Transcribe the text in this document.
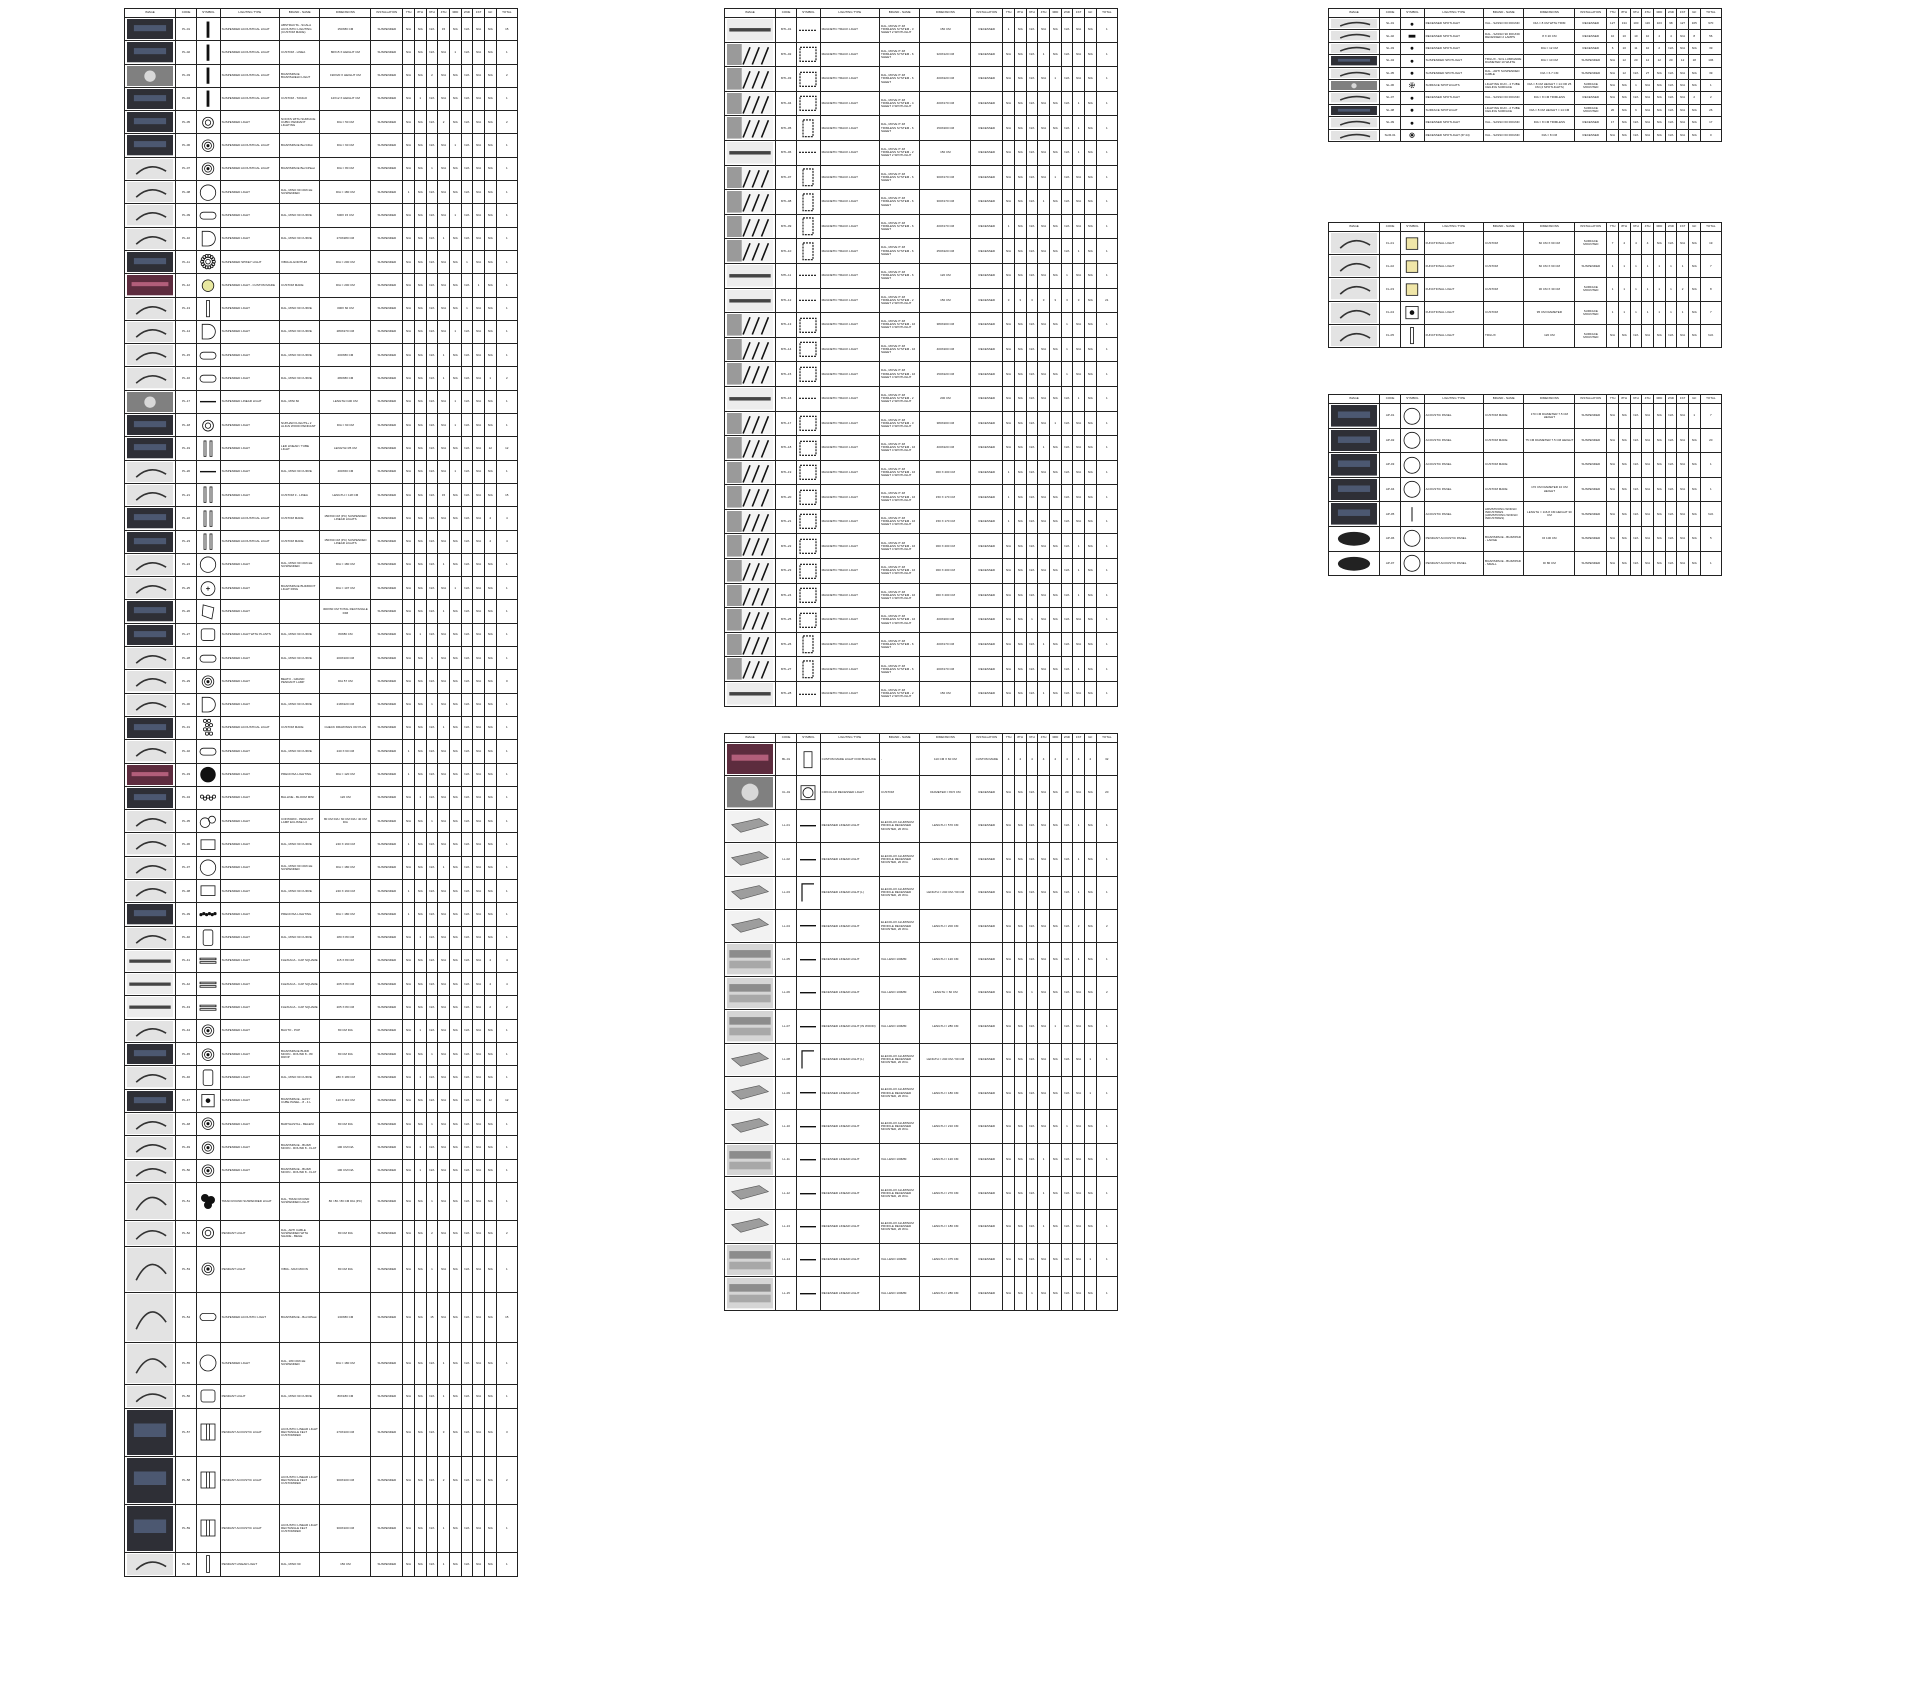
IMAGE	CODE	SYMBOL	LIGHTING TYPE	BRAND - NAME	DIMENSIONS	INSTALLATION	7TH	8TH	9TH	4TH	3RD	2ND	1ST	GF	TOTAL

	PL-01		SUSPENDED ACOUSTICAL LIGHT	ABSTRACTA - SCALA ACOUSTIC LIGHTING (CUSTOM MADE)	150X80 CM	SUSPENDED	N/A	N/A	N/A	15	N/A	N/A	N/A	N/A	15

	PL-02		SUSPENDED ACOUSTICAL LIGHT	CUSTOM - LINEA	80X15 X HEIGHT CM	SUSPENDED	N/A	N/A	N/A	N/A	1	N/A	N/A	N/A	1

	PL-03		SUSPENDED ACOUSTICAL LIGHT	BUZZISPACE BUZZISHIELD LIGHT	190X20 X HEIGHT CM	SUSPENDED	N/A	N/A	2	N/A	N/A	N/A	N/A	N/A	2

	PL-04		SUSPENDED ACOUSTICAL LIGHT	CUSTOM - TANGO	12X12 X HEIGHT CM	SUSPENDED	N/A	1	N/A	N/A	N/A	N/A	N/A	N/A	1

	PL-05		SUSPENDED LIGHT	NOOKS WITH SURFACE CUBIC PENDANT LIGHTING	DIA = 50 CM	SUSPENDED	N/A	N/A	N/A	2	N/A	N/A	N/A	N/A	2

	PL-06		SUSPENDED ACOUSTICAL LIGHT	BUZZISPACE BuzziDot	DIA = 60 CM	SUSPENDED	N/A	N/A	N/A	N/A	1	N/A	N/A	N/A	1

	PL-07		SUSPENDED ACOUSTICAL LIGHT	BUZZISPACE BuzziPleat	DIA = 80 CM	SUSPENDED	N/A	N/A	1	N/A	N/A	N/A	N/A	N/A	1

	PL-08		SUSPENDED LIGHT	DAL, MINO 60 CIRCLE SUSPENDED	DIA = 180 CM	SUSPENDED	1	N/A	N/A	N/A	N/A	N/A	N/A	N/A	1

	PL-09		SUSPENDED LIGHT	DAL, MINO 60 CURVE	600X 15 CM	SUSPENDED	N/A	N/A	N/A	N/A	1	N/A	N/A	N/A	1

	PL-10		SUSPENDED LIGHT	DAL, MINO 60 CURVE	270X280 CM	SUSPENDED	N/A	N/A	N/A	1	N/A	N/A	N/A	N/A	1

	PL-11		SUSPENDED SPIKEY LIGHT	VIBIA ALGORITHM	DIA = 200 CM	SUSPENDED	N/A	N/A	N/A	N/A	N/A	1	N/A	N/A	1

	PL-12		SUSPENDED LIGHT - CUSTOM MADE	CUSTOM MADE	DIA = 200 CM	SUSPENDED	N/A	N/A	N/A	N/A	N/A	N/A	1	N/A	1

	PL-13		SUSPENDED LIGHT	DAL, MINO 60 CURVE	300X 60 CM	SUSPENDED	N/A	N/A	N/A	N/A	N/A	1	N/A	N/A	1

	PL-14		SUSPENDED LIGHT	DAL, MINO 60 CURVE	280X270 CM	SUSPENDED	N/A	N/A	N/A	N/A	1	N/A	N/A	N/A	1

	PL-15		SUSPENDED LIGHT	DAL, MINO 60 CURVE	200X80 CM	SUSPENDED	N/A	N/A	N/A	1	N/A	N/A	N/A	N/A	1

	PL-16		SUSPENDED LIGHT	DAL, MINO 60 CURVE	280X80 CM	SUSPENDED	N/A	N/A	N/A	1	N/A	N/A	N/A	1	2

	PL-17		SUSPENDED LINEAR LIGHT	DAL, MINI 60	LENGTH=100 CM	SUSPENDED	N/A	N/A	N/A	N/A	1	N/A	N/A	N/A	1

	PL-18		SUSPENDED LIGHT	NUPHAR FLIGHTS+ 2 ALIGN WOOD PENDANT	DIA = 60 CM	SUSPENDED	N/A	N/A	N/A	N/A	1	N/A	N/A	N/A	1

	PL-19		SUSPENDED LIGHT	LED LINEAR / TUBE LIGHT	LENGTH=35 CM	SUSPENDED	N/A	N/A	N/A	N/A	N/A	N/A	N/A	12	12

	PL-20		SUSPENDED LIGHT	DAL, MINO 60 CURVE	400X60 CM	SUSPENDED	N/A	N/A	N/A	N/A	1	N/A	N/A	N/A	1

	PL-21		SUSPENDED LIGHT	CUSTOM 3 - LINEA	LENGTH = 118 CM	SUSPENDED	N/A	N/A	N/A	15	N/A	N/A	N/A	N/A	15

	PL-22		SUSPENDED ACOUSTICAL LIGHT	CUSTOM MADE	150X60 CM (PC) SUSPENDED LINEAR LIGHTS	SUSPENDED	N/A	N/A	N/A	N/A	N/A	N/A	N/A	4	4

	PL-23		SUSPENDED ACOUSTICAL LIGHT	CUSTOM MADE	150X60 CM (PC) SUSPENDED LINEAR LIGHTS	SUSPENDED	N/A	N/A	N/A	N/A	N/A	N/A	N/A	4	4

	PL-24		SUSPENDED LIGHT	DAL, MINO 60 CIRCLE SUSPENDED	DIA = 180 CM	SUSPENDED	N/A	N/A	N/A	1	N/A	N/A	N/A	N/A	1

	PL-25		SUSPENDED LIGHT	BUZZISPACE BUZZIDOT LIGHT RING	DIA = 107 CM	SUSPENDED	N/A	N/A	N/A	N/A	1	N/A	N/A	N/A	1

	PL-26		SUSPENDED LIGHT		300X60 CM TOTAL RECTANGLE DIM	SUSPENDED	N/A	N/A	N/A	1	N/A	N/A	N/A	N/A	1

	PL-27		SUSPENDED LIGHT WITH PLANTS	DAL, MINO 60 CURVE	80X80 CM	SUSPENDED	N/A	1	N/A	N/A	N/A	N/A	N/A	N/A	1

	PL-28		SUSPENDED LIGHT	DAL, MINO 60 CURVE	200X100 CM	SUSPENDED	N/A	N/A	1	N/A	N/A	N/A	N/A	N/A	1

	PL-29		SUSPENDED LIGHT	BEATO - GRAND PENDANT LAMP	DIA 57 CM	SUSPENDED	N/A	N/A	N/A	N/A	N/A	N/A	N/A	N/A	0

	PL-30		SUSPENDED LIGHT	DAL, MINO 60 CURVE	218X220 CM	SUSPENDED	N/A	N/A	1	N/A	N/A	N/A	N/A	N/A	1

	PL-31		SUSPENDED ACOUSTICAL LIGHT	CUSTOM MADE	CHECK DRAWINGS OR PLAN	SUSPENDED	N/A	N/A	N/A	1	N/A	N/A	N/A	N/A	1

	PL-32		SUSPENDED LIGHT	DAL, MINO 60 CURVE	240 X 60 CM	SUSPENDED	1	N/A	N/A	N/A	N/A	N/A	N/A	N/A	1

	PL-33		SUSPENDED LIGHT	PRECIOSA LIGHTING	DIA = 120 CM	SUSPENDED	1	N/A	N/A	N/A	N/A	N/A	N/A	N/A	1

	PL-34		SUSPENDED LIGHT	BALLINE - BLOOM MINI	120 CM	SUSPENDED	N/A	1	N/A	N/A	N/A	N/A	N/A	N/A	1

	PL-35		SUSPENDED LIGHT	CONTARDI - PENDANT LAMP ECLISSE L3	80 CM DIA / 60 CM DIA / 40 CM DIA	SUSPENDED	N/A	N/A	1	N/A	N/A	N/A	N/A	N/A	1

	PL-36		SUSPENDED LIGHT	DAL, MINO 60 CURVE	240 X 160 CM	SUSPENDED	1	N/A	N/A	N/A	N/A	N/A	N/A	N/A	1

	PL-37		SUSPENDED LIGHT	DAL, MINO 60 CIRCLE SUSPENDED	DIA = 180 CM	SUSPENDED	N/A	N/A	N/A	1	N/A	N/A	N/A	N/A	1

	PL-38		SUSPENDED LIGHT	DAL, MINO 60 CURVE	240 X 160 CM	SUSPENDED	1	N/A	N/A	N/A	N/A	N/A	N/A	N/A	1

	PL-39		SUSPENDED LIGHT	PRECIOSA LIGHTING	DIA = 180 CM	SUSPENDED	1	N/A	N/A	N/A	N/A	N/A	N/A	N/A	1

	PL-40		SUSPENDED LIGHT	DAL, MINO 60 CURVE	180 X 80 CM	SUSPENDED	N/A	1	N/A	N/A	N/A	N/A	N/A	N/A	1

	PL-41		SUSPENDED LIGHT	FLEXIACA - CAP SQUARE	115 X 80 CM	SUSPENDED	N/A	N/A	N/A	N/A	N/A	N/A	N/A	4	4

	PL-42		SUSPENDED LIGHT	FLEXIACA - CAP SQUARE	205 X 80 CM	SUSPENDED	N/A	N/A	N/A	N/A	N/A	N/A	N/A	4	4

	PL-43		SUSPENDED LIGHT	FLEXIACA - CAP SQUARE	205 X 80 CM	SUSPENDED	N/A	N/A	N/A	N/A	N/A	N/A	N/A	2	2

	PL-44		SUSPENDED LIGHT	BAUTO - PUP	80 CM DIA	SUSPENDED	N/A	1	N/A	N/A	N/A	N/A	N/A	N/A	1

	PL-45		SUSPENDED LIGHT	BUZZISPACE BUZZI MOON - ROUND 8 - 80 DROP	80 CM DIA	SUSPENDED	N/A	N/A	1	N/A	N/A	N/A	N/A	N/A	1

	PL-46		SUSPENDED LIGHT	DAL, MINO 60 CURVE	280 X 180 CM	SUSPENDED	N/A	1	N/A	N/A	N/A	N/A	N/A	N/A	1

	PL-47		SUSPENDED LIGHT	BUZZISPACE - EASY CUBE PANEL - 8 - 4 L	110 X 110 CM	SUSPENDED	N/A	N/A	N/A	N/A	N/A	N/A	N/A	12	12

	PL-48		SUSPENDED LIGHT	BARTHASTAL - BELENI	80 CM DIA	SUSPENDED	N/A	N/A	1	N/A	N/A	N/A	N/A	N/A	1

	PL-49		SUSPENDED LIGHT	BUZZISPACE - BUZZI MOON - ROUND 8 - FLAT	100 CM DIA	SUSPENDED	N/A	1	N/A	N/A	N/A	N/A	N/A	N/A	1

	PL-50		SUSPENDED LIGHT	BUZZISPACE - BUZZI MOON - ROUND 8 - FLAT	100 CM DIA	SUSPENDED	N/A	1	N/A	N/A	N/A	N/A	N/A	N/A	1

	PL-51		TRIAD ROUND SUSPENDED LIGHT	DAL, TRIAD ROUND SUSPENDED LIGHT	80 / 80 / 80 CM DIA (PC)	SUSPENDED	N/A	N/A	1	N/A	N/A	N/A	N/A	N/A	1

	PL-52		PENDANT LIGHT	DAL, ARTI CABLE SUSPENDED WITH SHADE - BEGE	80 CM DIA	SUSPENDED	N/A	N/A	2	N/A	N/A	N/A	N/A	N/A	2

	PL-53		PENDANT LIGHT	VIBIA - MAX MOON	80 CM DIA	SUSPENDED	N/A	N/A	1	N/A	N/A	N/A	N/A	N/A	1

	PL-54		SUSPENDED ACOUSTIC LIGHT	BUZZISPACE - BuzziPleat	130X80 CM	SUSPENDED	N/A	N/A	15	N/A	N/A	N/A	N/A	N/A	15

	PL-55		SUSPENDED LIGHT	DAL, 180 CIRCLE SUSPENDED	DIA = 180 CM	SUSPENDED	N/A	N/A	N/A	1	N/A	N/A	N/A	N/A	1

	PL-56		PENDANT LIGHT	DAL, MINO 60 CURVE	80X180 CM	SUSPENDED	N/A	N/A	N/A	1	N/A	N/A	N/A	N/A	1

	PL-57		PENDANT ACOUSTIC LIGHT	ACOUSTIC LINEAR LIGHT RECTANGLE FELT CUSTOMIZED	270X100 CM	SUSPENDED	N/A	N/A	N/A	3	N/A	N/A	N/A	N/A	3

	PL-58		PENDANT ACOUSTIC LIGHT	ACOUSTIC LINEAR LIGHT RECTANGLE FELT CUSTOMIZED	300X100 CM	SUSPENDED	N/A	N/A	N/A	2	N/A	N/A	N/A	N/A	2

	PL-59		PENDANT ACOUSTIC LIGHT	ACOUSTIC LINEAR LIGHT RECTANGLE FELT CUSTOMIZED	300X100 CM	SUSPENDED	N/A	N/A	N/A	1	N/A	N/A	N/A	N/A	1

	PL-60		PENDANT LINEAR LIGHT	DAL, MINO 60	150 CM	SUSPENDED	N/A	N/A	N/A	1	N/A	N/A	N/A	N/A	1
IMAGE	CODE	SYMBOL	LIGHTING TYPE	BRAND - NAME	DIMENSIONS	INSTALLATION	7TH	8TH	9TH	4TH	3RD	2ND	1ST	GF	TOTAL

	MTL-01		MAGNETIC TRACK LIGHT	DAL, MOVE IT 48 TRIMLESS SYSTEM - 3 SHEET 2 SPOTLIGHT	150 CM	RECESSED	1	N/A	N/A	N/A	N/A	N/A	N/A	N/A	1

	MTL-02		MAGNETIC TRACK LIGHT	DAL, MOVE IT 48 TRIMLESS SYSTEM - 6 SHEET	320X120 CM	RECESSED	N/A	N/A	N/A	1	N/A	N/A	N/A	N/A	1

	MTL-03		MAGNETIC TRACK LIGHT	DAL, MOVE IT 48 TRIMLESS SYSTEM - 6 SHEET	400X220 CM	RECESSED	N/A	N/A	N/A	N/A	1	N/A	N/A	N/A	1

	MTL-04		MAGNETIC TRACK LIGHT	DAL, MOVE IT 48 TRIMLESS SYSTEM - 4 SHEET 3 SPOTLIGHT	400X170 CM	RECESSED	N/A	N/A	N/A	N/A	N/A	N/A	1	N/A	1

	MTL-05		MAGNETIC TRACK LIGHT	DAL, MOVE IT 48 TRIMLESS SYSTEM - 6 SHEET	150X200 CM	RECESSED	N/A	N/A	N/A	N/A	N/A	N/A	1	N/A	1

	MTL-06		MAGNETIC TRACK LIGHT	DAL, MOVE IT 48 TRIMLESS SYSTEM - 2 SHEET 2 SPOTLIGHT	150 CM	RECESSED	N/A	N/A	N/A	N/A	N/A	N/A	1	N/A	1

	MTL-07		MAGNETIC TRACK LIGHT	DAL, MOVE IT 48 TRIMLESS SYSTEM - 6 SHEET	300X170 CM	RECESSED	N/A	N/A	N/A	N/A	1	N/A	N/A	N/A	1

	MTL-08		MAGNETIC TRACK LIGHT	DAL, MOVE IT 48 TRIMLESS SYSTEM - 6 SHEET	300X170 CM	RECESSED	N/A	N/A	N/A	1	N/A	N/A	N/A	N/A	1

	MTL-09		MAGNETIC TRACK LIGHT	DAL, MOVE IT 48 TRIMLESS SYSTEM - 6 SHEET	400X170 CM	RECESSED	1	N/A	N/A	N/A	N/A	N/A	N/A	N/A	1

	MTL-10		MAGNETIC TRACK LIGHT	DAL, MOVE IT 48 TRIMLESS SYSTEM - 6 SHEET	250X220 CM	RECESSED	N/A	N/A	N/A	N/A	N/A	N/A	1	N/A	1

	MTL-11		MAGNETIC TRACK LIGHT	DAL, MOVE IT 48 TRIMLESS SYSTEM - 6 SHEET	120 CM	RECESSED	N/A	N/A	N/A	N/A	N/A	1	N/A	N/A	1

	MTL-12		MAGNETIC TRACK LIGHT	DAL, MOVE IT 48 TRIMLESS SYSTEM - 2 SHEET 2 SPOTLIGHT	150 CM	RECESSED	3	3	3	3	3	3	3	N/A	21

	MTL-13		MAGNETIC TRACK LIGHT	DAL, MOVE IT 48 TRIMLESS SYSTEM - 16 SHEET 4 SPOTLIGHT	380X200 CM	RECESSED	N/A	N/A	N/A	N/A	N/A	1	N/A	N/A	1

	MTL-14		MAGNETIC TRACK LIGHT	DAL, MOVE IT 48 TRIMLESS SYSTEM - 16 SHEET	400X200 CM	RECESSED	N/A	N/A	N/A	N/A	N/A	1	N/A	N/A	1

	MTL-15		MAGNETIC TRACK LIGHT	DAL, MOVE IT 48 TRIMLESS SYSTEM - 16 SHEET 4 SPOTLIGHT	150X220 CM	RECESSED	N/A	N/A	N/A	N/A	N/A	1	N/A	N/A	1

	MTL-16		MAGNETIC TRACK LIGHT	DAL, MOVE IT 48 TRIMLESS SYSTEM - 2 SHEET 2 SPOTLIGHT	200 CM	RECESSED	N/A	N/A	N/A	N/A	N/A	N/A	1	N/A	1

	MTL-17		MAGNETIC TRACK LIGHT	DAL, MOVE IT 48 TRIMLESS SYSTEM - 3 SHEET 3 SPOTLIGHT	380X200 CM	RECESSED	N/A	N/A	N/A	N/A	1	N/A	N/A	N/A	1

	MTL-18		MAGNETIC TRACK LIGHT	DAL, MOVE IT 48 TRIMLESS SYSTEM - 16 SHEET 4 SPOTLIGHT	400X220 CM	RECESSED	N/A	N/A	N/A	1	N/A	N/A	N/A	N/A	1

	MTL-19		MAGNETIC TRACK LIGHT	DAL, MOVE IT 48 TRIMLESS SYSTEM - 16 SHEET 4 SPOTLIGHT	300 X 200 CM	RECESSED	1	N/A	N/A	N/A	N/A	N/A	N/A	N/A	1

	MTL-20		MAGNETIC TRACK LIGHT	DAL, MOVE IT 48 TRIMLESS SYSTEM - 16 SHEET 4 SPOTLIGHT	150 X 170 CM	RECESSED	1	N/A	N/A	N/A	N/A	N/A	N/A	N/A	1

	MTL-21		MAGNETIC TRACK LIGHT	DAL, MOVE IT 48 TRIMLESS SYSTEM - 16 SHEET 4 SPOTLIGHT	150 X 170 CM	RECESSED	1	N/A	N/A	N/A	N/A	N/A	N/A	N/A	1

	MTL-22		MAGNETIC TRACK LIGHT	DAL, MOVE IT 48 TRIMLESS SYSTEM - 16 SHEET 4 SPOTLIGHT	300 X 200 CM	RECESSED	N/A	N/A	N/A	N/A	N/A	N/A	1	N/A	1

	MTL-23		MAGNETIC TRACK LIGHT	DAL, MOVE IT 48 TRIMLESS SYSTEM - 16 SHEET 4 SPOTLIGHT	300 X 200 CM	RECESSED	N/A	N/A	N/A	N/A	N/A	N/A	1	N/A	1

	MTL-24		MAGNETIC TRACK LIGHT	DAL, MOVE IT 48 TRIMLESS SYSTEM - 16 SHEET 4 SPOTLIGHT	300 X 200 CM	RECESSED	N/A	N/A	N/A	N/A	N/A	N/A	1	N/A	1

	MTL-25		MAGNETIC TRACK LIGHT	DAL, MOVE IT 48 TRIMLESS SYSTEM - 16 SHEET 4 SPOTLIGHT	400X200 CM	RECESSED	N/A	N/A	1	N/A	N/A	N/A	N/A	N/A	1

	MTL-26		MAGNETIC TRACK LIGHT	DAL, MOVE IT 48 TRIMLESS SYSTEM - 6 SHEET	400X170 CM	RECESSED	N/A	N/A	N/A	1	N/A	N/A	N/A	N/A	1

	MTL-27		MAGNETIC TRACK LIGHT	DAL, MOVE IT 48 TRIMLESS SYSTEM - 6 SHEET	200X170 CM	RECESSED	N/A	N/A	N/A	N/A	N/A	N/A	1	N/A	1

	MTL-28		MAGNETIC TRACK LIGHT	DAL, MOVE IT 48 TRIMLESS SYSTEM - 2 SHEET 2 SPOTLIGHT	150 CM	RECESSED	N/A	N/A	N/A	1	N/A	N/A	N/A	N/A	1
IMAGE	CODE	SYMBOL	LIGHTING TYPE	BRAND - NAME	DIMENSIONS	INSTALLATION	7TH	8TH	9TH	4TH	3RD	2ND	1ST	GF	TOTAL

	BL-01		CUSTOM MADE LIGHT FOR BULKLIKE	-	110 CM X 60 CM	CUSTOM MADE	4	4	4	4	4	4	4	4	32

	CL-01		CIRCULAR RECESSED LIGHT	CUSTOM	DIAMETER = 80.5 CM	RECESSED	N/A	N/A	N/A	N/A	N/A	20	N/A	N/A	20

	LL-01		RECESSED LINEAR LIGHT	ELECOLUX ALUMINUM PROFILE RECESSED MOUNTED, 20 W/m	LENGTH = 570 CM	RECESSED	N/A	N/A	N/A	N/A	N/A	N/A	1	N/A	1

	LL-02		RECESSED LINEAR LIGHT	ELECOLUX ALUMINUM PROFILE RECESSED MOUNTED, 20 W/m	LENGTH = 280 CM	RECESSED	N/A	N/A	N/A	N/A	N/A	N/A	1	N/A	1

	LL-03		RECESSED LINEAR LIGHT (L)	ELECOLUX ALUMINUM PROFILE RECESSED MOUNTED, 20 W/m	LENGTH = 240 CM / 60 CM	RECESSED	N/A	N/A	N/A	N/A	N/A	N/A	1	N/A	1

	LL-04		RECESSED LINEAR LIGHT	ELECOLUX ALUMINUM PROFILE RECESSED MOUNTED, 20 W/m	LENGTH = 200 CM	RECESSED	N/A	N/A	N/A	N/A	N/A	N/A	2	N/A	2

	LL-05		RECESSED LINEAR LIGHT	XAL LENO 100MM	LENGTH = 120 CM	RECESSED	N/A	N/A	N/A	N/A	N/A	N/A	1	N/A	1

	LL-06		RECESSED LINEAR LIGHT	XAL LENO 100MM	LENGTH = 60 CM	RECESSED	N/A	N/A	1	N/A	N/A	N/A	N/A	N/A	2

	LL-07		RECESSED LINEAR LIGHT (IN WOOD)	XAL LENO 100MM	LENGTH = 280 CM	RECESSED	N/A	N/A	N/A	N/A	1	N/A	N/A	N/A	1

	LL-08		RECESSED LINEAR LIGHT (L)	ELECOLUX ALUMINUM PROFILE RECESSED MOUNTED, 20 W/m	LENGTH = 240 CM / 60 CM	RECESSED	N/A	N/A	N/A	N/A	N/A	N/A	N/A	1	1

	LL-09		RECESSED LINEAR LIGHT	ELECOLUX ALUMINUM PROFILE RECESSED MOUNTED, 20 W/m	LENGTH = 180 CM	RECESSED	N/A	N/A	N/A	N/A	N/A	N/A	N/A	1	1

	LL-10		RECESSED LINEAR LIGHT	ELECOLUX ALUMINUM PROFILE RECESSED MOUNTED, 20 W/m	LENGTH = 210 CM	RECESSED	N/A	N/A	N/A	N/A	N/A	1	N/A	N/A	1

	LL-11		RECESSED LINEAR LIGHT	XAL LENO 100MM	LENGTH = 120 CM	RECESSED	N/A	N/A	N/A	1	N/A	N/A	N/A	N/A	1

	LL-12		RECESSED LINEAR LIGHT	ELECOLUX ALUMINUM PROFILE RECESSED MOUNTED, 20 W/m	LENGTH = 270 CM	RECESSED	N/A	N/A	N/A	1	N/A	N/A	N/A	N/A	1

	LL-13		RECESSED LINEAR LIGHT	ELECOLUX ALUMINUM PROFILE RECESSED MOUNTED, 20 W/m	LENGTH = 180 CM	RECESSED	N/A	N/A	N/A	1	N/A	N/A	N/A	N/A	1

	LL-14		RECESSED LINEAR LIGHT	XAL LENO 100MM	LENGTH = 475 CM	RECESSED	N/A	N/A	N/A	N/A	N/A	N/A	N/A	1	1

	LL-15		RECESSED LINEAR LIGHT	XAL LENO 100MM	LENGTH = 280 CM	RECESSED	N/A	N/A	1	N/A	N/A	N/A	N/A	N/A	1
IMAGE	CODE	SYMBOL	LIGHTING TYPE	BRAND - NAME	DIMENSIONS	INSTALLATION	7TH	8TH	9TH	4TH	3RD	2ND	1ST	GF	TOTAL

	SL-01		RECESSED SPOTLIGHT	XAL - SASSO 60 ROUND	DIA = 8 CM WITH TRIM	RECESSED	127	134	100	116	103	98	127	165	970

	SL-02		RECESSED SPOTLIGHT	DAL - SASSO 90 ROUND RECESSED 2 LAMPS	8 X 20 CM	RECESSED	10	10	10	10	4	4	N/A	8	56

	SL-03		RECESSED SPOTLIGHT		DIA = 12 CM	RECESSED	6	10	11	10	2	N/A	N/A	N/A	39

	SL-04		SUSPENDED SPOTLIGHT	TRILUX - SOL LUMINAIRE DIAMETER 10 WHITE	DIA = 10 CM	SUSPENDED	N/A	12	20	12	12	20	12	18	106

	SL-05		SUSPENDED SPOTLIGHT	DAL - ARTI SUSPENDED CABLE	DIA = 6.7 CM	SUSPENDED	N/A	12	N/A	27	N/A	N/A	N/A	N/A	39

	SL-06		SURFACE SPOTLIGHTS	LIGHTING DUO - 4 TUBE CEILING SURFACE	DIA = 8 CM HEIGHT = 14 OR 25 CM (4 SPOTLIGHTS)	SURFACE MOUNTED	N/A	N/A	1	N/A	N/A	N/A	N/A	N/A	1

	SL-07		RECESSED SPOTLIGHT	XAL - SASSO 60 ROUND	DIA = 8 CM TRIMLESS	RECESSED	N/A	N/A	N/A	N/A	N/A	N/A	N/A	2	2

	SL-08		SURFACE SPOTLIGHT	LIGHTING DUO - 2 TUBE CEILING SURFACE	DIA = 8 CM HEIGHT = 14 CM	SURFACE MOUNTED	20	N/A	6	N/A	N/A	N/A	N/A	N/A	26

	SL-09		RECESSED SPOTLIGHT	XAL - SASSO 60 ROUND	DIA = 8 CM TRIMLESS	RECESSED	17	N/A	N/A	N/A	N/A	N/A	N/A	N/A	17

	SL/R-01		RECESSED SPOTLIGHT (IP 44)	XAL - SASSO 60 ROUND	DIA = 8 CM	RECESSED	N/A	N/A	N/A	N/A	N/A	N/A	N/A	N/A	0
IMAGE	CODE	SYMBOL	LIGHTING TYPE	BRAND - NAME	DIMENSIONS	INSTALLATION	7TH	8TH	9TH	4TH	3RD	2ND	1ST	GF	TOTAL

	FL-01		FUNCTIONAL LIGHT	CUSTOM	60 CM X 60 CM	SURFACE MOUNTED	7	4	4	4	N/A	N/A	N/A	N/A	19

	FL-02		FUNCTIONAL LIGHT	CUSTOM	60 CM X 60 CM	SUSPENDED	1	1	1	1	1	1	1	N/A	7

	FL-03		FUNCTIONAL LIGHT	CUSTOM	30 CM X 30 CM	SURFACE MOUNTED	1	1	1	1	1	1	2	N/A	8

	FL-04		FUNCTIONAL LIGHT	CUSTOM	95 CM DIAMETER	SURFACE MOUNTED	1	1	1	1	1	1	1	N/A	7

	FL-05		FUNCTIONAL LIGHT	TRILUX	120 CM	SURFACE MOUNTED	N/A	N/A	N/A	N/A	N/A	N/A	N/A	N/A	N/A
IMAGE	CODE	SYMBOL	LIGHTING TYPE	BRAND - NAME	DIMENSIONS	INSTALLATION	7TH	8TH	9TH	4TH	3RD	2ND	1ST	GF	TOTAL

	AP-01		ACOUSTIC PANEL	CUSTOM MADE	170 CM DIAMETER 7.5 CM HEIGHT	SUSPENDED	N/A	N/A	N/A	N/A	N/A	N/A	N/A	1	7

	AP-02		ACOUSTIC PANEL	CUSTOM MADE	75 CM DIAMETER 7.5 CM HEIGHT	SUSPENDED	N/A	N/A	N/A	N/A	N/A	N/A	N/A	N/A	20

	AP-03		ACOUSTIC PANEL	CUSTOM MADE		SUSPENDED	N/A	N/A	N/A	N/A	N/A	N/A	N/A	N/A	1

	AP-04		ACOUSTIC PANEL	CUSTOM MADE	170 CM DIAMETER 10 CM HEIGHT	SUSPENDED	N/A	N/A	N/A	N/A	N/A	N/A	N/A	N/A	1

	AP-05		ACOUSTIC PANEL	ARMSTRONG WORLD INDUSTRIES (ARMSTRONG WORLD INDUSTRIES)	LENGTH = 116.8 CM HEIGHT 30 CM	SUSPENDED	N/A	N/A	N/A	N/A	N/A	N/A	N/A	N/A	N/A

	AP-06		PENDANT ACOUSTIC PANEL	BUZZISPACE - BUZZIPAD - LARGE	DI 100 CM	SUSPENDED	N/A	N/A	N/A	N/A	N/A	N/A	N/A	N/A	5

	AP-07		PENDANT ACOUSTIC PANEL	BUZZISPACE - BUZZIPAD - SMALL	DI 80 CM	SUSPENDED	N/A	N/A	N/A	N/A	N/A	N/A	N/A	N/A	1
